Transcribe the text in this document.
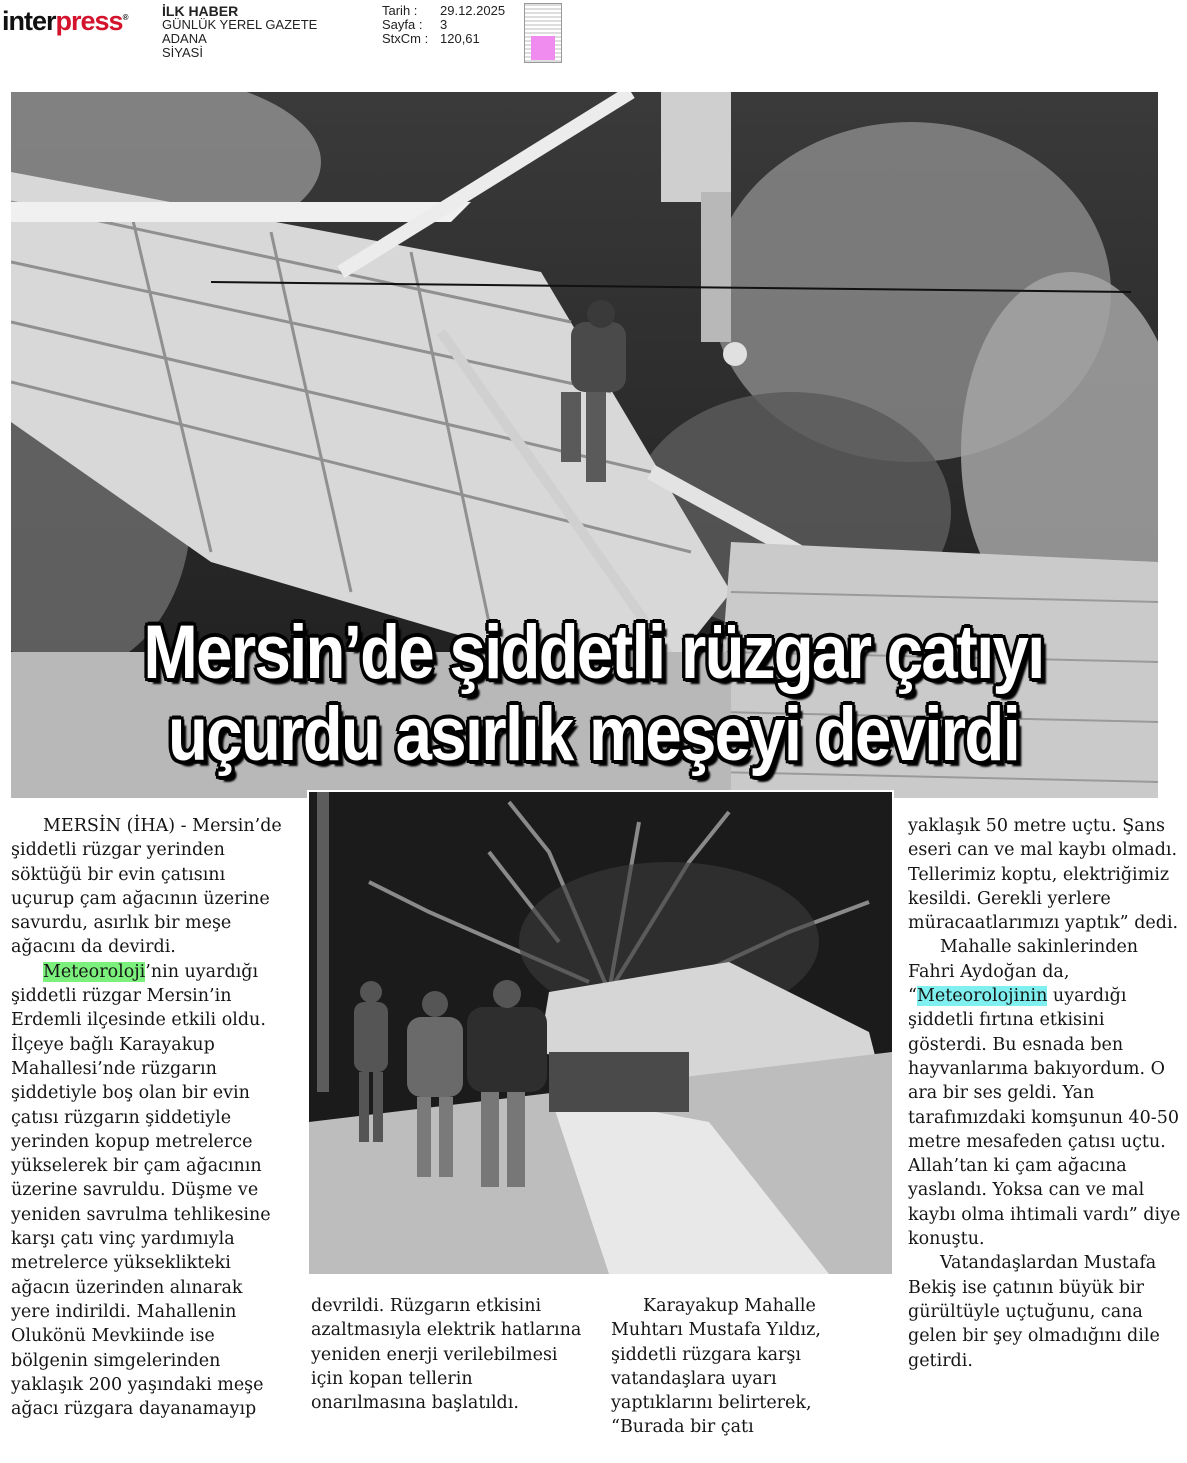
interpress® İLK HABER
GÜNLÜK YEREL GAZETE
ADANA
SİYASİ
Tarih :	29.12.2025
Sayfa :	3
StxCm : 120,61
Mersin’de şiddetli rüzgar çatıyı
uçurdu asırlık meşeyi devirdi

MERSİN (İHA) - Mersin’de şiddetli rüzgar yerinden söktüğü bir evin çatısını uçurup çam ağacının üzerine savurdu, asırlık bir meşe ağacını da devirdi.

Meteoroloji’nin uyardığı şiddetli rüzgar Mersin’in Erdemli ilçesinde etkili oldu. İlçeye bağlı Karayakup Mahallesi’nde rüzgarın şiddetiyle boş olan bir evin çatısı rüzgarın şiddetiyle yerinden kopup metrelerce yükselerek bir çam ağacının üzerine savruldu. Düşme ve yeniden savrulma tehlikesine karşı çatı vinç yardımıyla metrelerce yükseklikteki ağacın üzerinden alınarak yere indirildi. Mahallenin Olukönü Mevkiinde ise bölgenin simgelerinden yaklaşık 200 yaşındaki meşe ağacı rüzgara dayanamayıp

devrildi. Rüzgarın etkisini azaltmasıyla elektrik hatlarına yeniden enerji verilebilmesi için kopan tellerin onarılmasına başlatıldı.

Karayakup Mahalle Muhtarı Mustafa Yıldız, şiddetli rüzgara karşı vatandaşlara uyarı yaptıklarını belirterek, “Burada bir çatı

yaklaşık 50 metre uçtu. Şans eseri can ve mal kaybı olmadı. Tellerimiz koptu, elektriğimiz kesildi. Gerekli yerlere müracaatlarımızı yaptık” dedi.

Mahalle sakinlerinden Fahri Aydoğan da, “Meteorolojinin uyardığı şiddetli fırtına etkisini gösterdi. Bu esnada ben hayvanlarıma bakıyordum. O ara bir ses geldi. Yan tarafımızdaki komşunun 40-50 metre mesafeden çatısı uçtu. Allah’tan ki çam ağacına yaslandı. Yoksa can ve mal kaybı olma ihtimali vardı” diye konuştu.

Vatandaşlardan Mustafa Bekiş ise çatının büyük bir gürültüyle uçtuğunu, cana gelen bir şey olmadığını dile getirdi.
